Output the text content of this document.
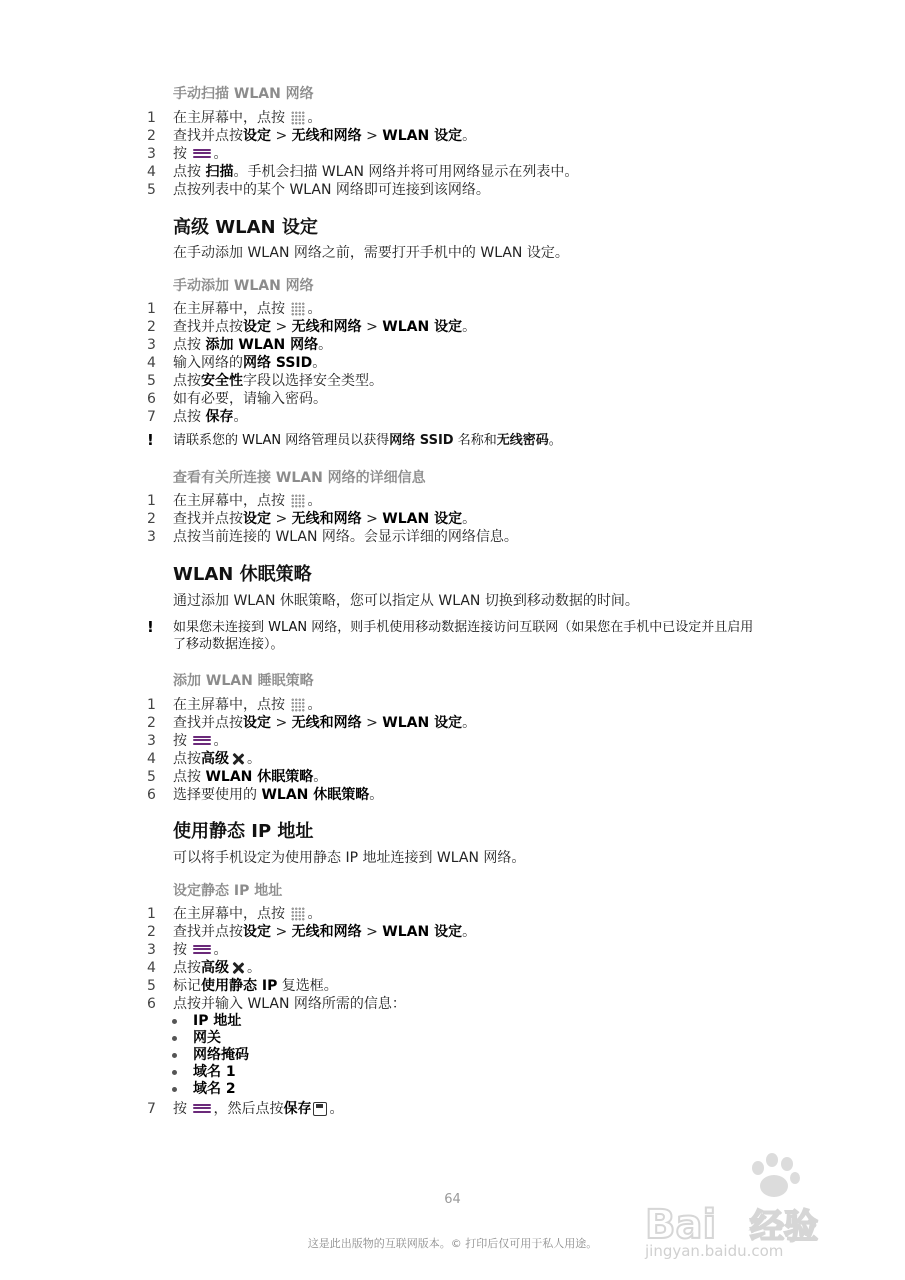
手动扫描 WLAN 网络
1	在主屏幕中，点按 。
2	查找并点按设定 > 无线和网络 > WLAN 设定。
3	按
。
4	点按 扫描。手机会扫描 WLAN 网络并将可用网络显示在列表中。
5	点按列表中的某个 WLAN 网络即可连接到该网络。
高级 WLAN 设定
在手动添加 WLAN 网络之前，需要打开手机中的 WLAN 设定。
手动添加 WLAN 网络
1	在主屏幕中，点按 。
2	查找并点按设定 > 无线和网络 > WLAN 设定。
3	点按 添加 WLAN 网络。
4	输入网络的网络 SSID。
5	点按安全性字段以选择安全类型。
6	如有必要，请输入密码。
7	点按 保存。
! 请联系您的 WLAN 网络管理员以获得网络 SSID 名称和无线密码。
查看有关所连接 WLAN 网络的详细信息
1	在主屏幕中，点按 。
2	查找并点按设定 > 无线和网络 > WLAN 设定。
3	点按当前连接的 WLAN 网络。会显示详细的网络信息。
WLAN 休眠策略
通过添加 WLAN 休眠策略，您可以指定从 WLAN 切换到移动数据的时间。
! 如果您未连接到 WLAN 网络，则手机使用移动数据连接访问互联网（如果您在手机中已设定并且启用了移动数据连接）。
添加 WLAN 睡眠策略
1	在主屏幕中，点按 。
2	查找并点按设定 > 无线和网络 > WLAN 设定。
3	按
。
4	点按高级 。
5	点按 WLAN 休眠策略。
6	选择要使用的 WLAN 休眠策略。
使用静态 IP 地址
可以将手机设定为使用静态 IP 地址连接到 WLAN 网络。
设定静态 IP 地址
1	在主屏幕中，点按 。
2	查找并点按设定 > 无线和网络 > WLAN 设定。
3	按
。
4	点按高级 。
5	标记使用静态 IP 复选框。
6	点按并输入 WLAN 网络所需的信息：
IP 地址
网关
网络掩码
域名 1
域名 2
7	按
，然后点按保存 。
64
这是此出版物的互联网版本。© 打印后仅可用于私人用途。	Bai 经验
jingyan.baidu.com
